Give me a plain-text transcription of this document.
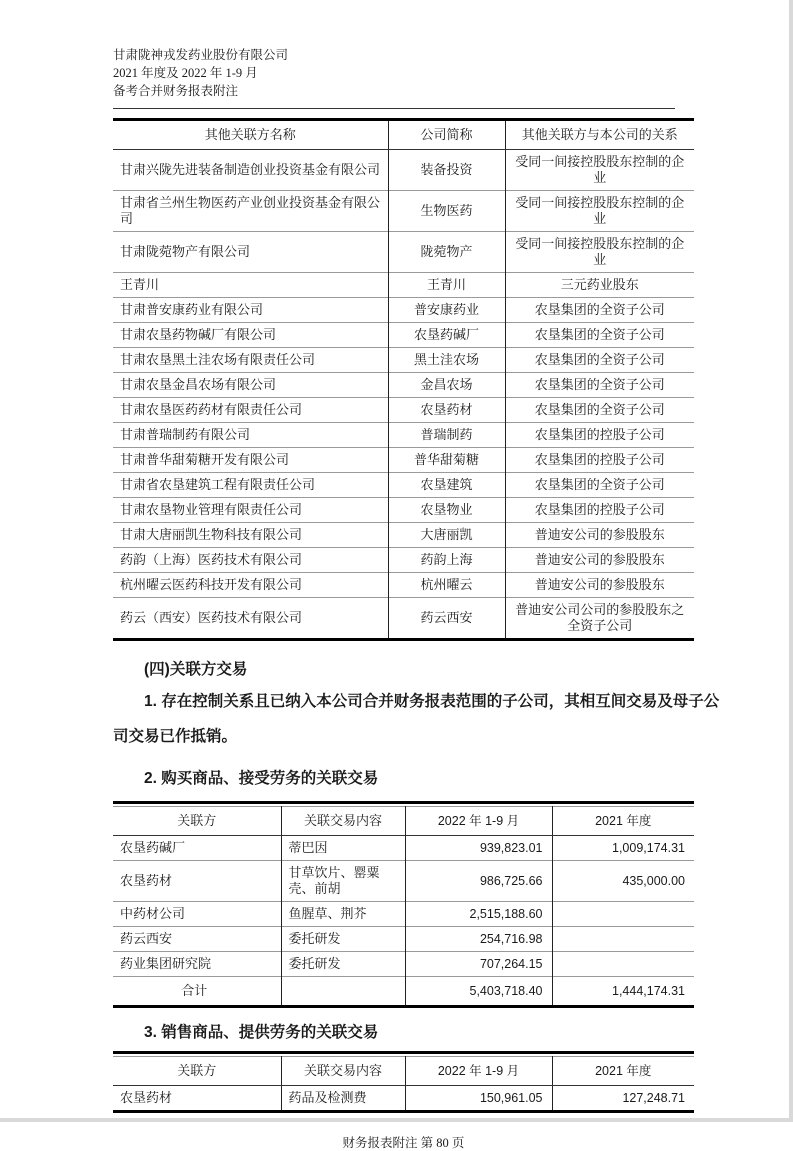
甘肃陇神戎发药业股份有限公司
2021 年度及 2022 年 1-9 月
备考合并财务报表附注
其他关联方名称	公司简称	其他关联方与本公司的关系
甘肃兴陇先进装备制造创业投资基金有限公司	装备投资	受同一间接控股股东控制的企业
甘肃省兰州生物医药产业创业投资基金有限公司	生物医药	受同一间接控股股东控制的企业
甘肃陇菀物产有限公司	陇菀物产	受同一间接控股股东控制的企业
王青川	王青川	三元药业股东
甘肃普安康药业有限公司	普安康药业	农垦集团的全资子公司
甘肃农垦药物碱厂有限公司	农垦药碱厂	农垦集团的全资子公司
甘肃农垦黑土洼农场有限责任公司	黑土洼农场	农垦集团的全资子公司
甘肃农垦金昌农场有限公司	金昌农场	农垦集团的全资子公司
甘肃农垦医药药材有限责任公司	农垦药材	农垦集团的全资子公司
甘肃普瑞制药有限公司	普瑞制药	农垦集团的控股子公司
甘肃普华甜菊糖开发有限公司	普华甜菊糖	农垦集团的控股子公司
甘肃省农垦建筑工程有限责任公司	农垦建筑	农垦集团的全资子公司
甘肃农垦物业管理有限责任公司	农垦物业	农垦集团的控股子公司
甘肃大唐丽凯生物科技有限公司	大唐丽凯	普迪安公司的参股股东
药韵（上海）医药技术有限公司	药韵上海	普迪安公司的参股股东
杭州曜云医药科技开发有限公司	杭州曜云	普迪安公司的参股股东
药云（西安）医药技术有限公司	药云西安	普迪安公司公司的参股股东之全资子公司
(四)关联方交易
1. 存在控制关系且已纳入本公司合并财务报表范围的子公司，其相互间交易及母子公
司交易已作抵销。
2. 购买商品、接受劳务的关联交易
关联方	关联交易内容	2022 年 1-9 月	2021 年度
农垦药碱厂	蒂巴因	939,823.01	1,009,174.31
农垦药材	甘草饮片、罂粟壳、前胡	986,725.66	435,000.00
中药材公司	鱼腥草、荆芥	2,515,188.60	
药云西安	委托研发	254,716.98	
药业集团研究院	委托研发	707,264.15	
合计		5,403,718.40	1,444,174.31
3. 销售商品、提供劳务的关联交易
关联方	关联交易内容	2022 年 1-9 月	2021 年度
农垦药材	药品及检测费	150,961.05	127,248.71
财务报表附注 第 80 页
